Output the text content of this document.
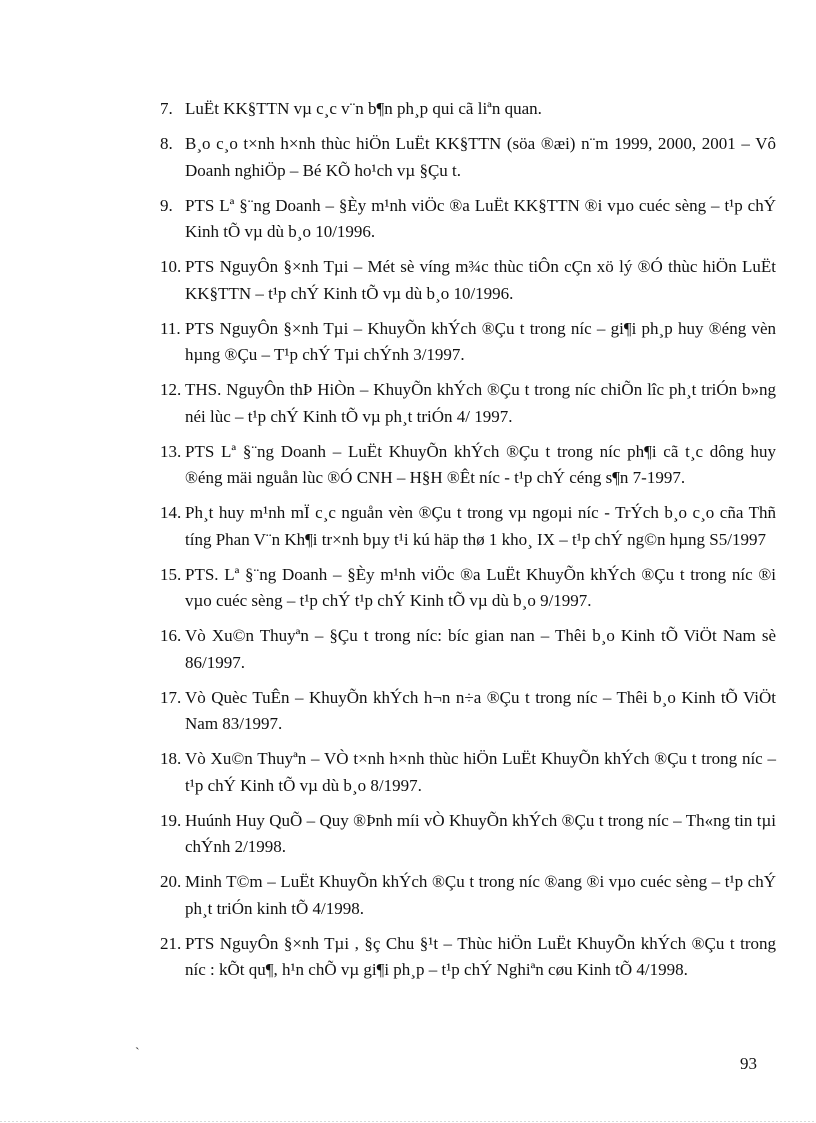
7. LuËt KK§TTN vµ c¸c v¨n b¶n ph¸p qui cã liªn quan.
8. B¸o c¸o t×nh h×nh thùc hiÖn LuËt KK§TTN (söa ®æi) n¨m 1999, 2000, 2001 – Vô Doanh nghiÖp – Bé KÕ ho¹ch vµ §Çu t.
9. PTS Lª §¨ng Doanh – §Èy m¹nh viÖc ®a LuËt KK§TTN ®i vµo cuéc sèng – t¹p chÝ Kinh tÕ vµ dù b¸o 10/1996.
10. PTS NguyÔn §×nh Tµi – Mét sè víng m¾c thùc tiÔn cÇn xö lý ®Ó thùc hiÖn LuËt KK§TTN – t¹p chÝ Kinh tÕ vµ dù b¸o 10/1996.
11. PTS NguyÔn §×nh Tµi – KhuyÕn khÝch ®Çu t trong níc – gi¶i ph¸p huy ®éng vèn hµng ®Çu – T¹p chÝ Tµi chÝnh 3/1997.
12. THS. NguyÔn thÞ HiÒn – KhuyÕn khÝch ®Çu t trong níc chiÕn lîc ph¸t triÓn b»ng néi lùc – t¹p chÝ Kinh tÕ vµ ph¸t triÓn 4/ 1997.
13. PTS Lª §¨ng Doanh – LuËt KhuyÕn khÝch ®Çu t trong níc ph¶i cã t¸c dông huy ®éng mäi nguån lùc ®Ó CNH – H§H ®Êt níc - t¹p chÝ céng s¶n 7-1997.
14. Ph¸t huy m¹nh mÏ c¸c nguån vèn ®Çu t trong vµ ngoµi níc - TrÝch b¸o c¸o cña Thñ tíng Phan V¨n Kh¶i tr×nh bµy t¹i kú häp thø 1 kho¸ IX – t¹p chÝ ng©n hµng S5/1997
15. PTS. Lª §¨ng Doanh – §Èy m¹nh viÖc ®a LuËt KhuyÕn khÝch ®Çu t trong níc ®i vµo cuéc sèng – t¹p chÝ t¹p chÝ Kinh tÕ vµ dù b¸o 9/1997.
16. Vò Xu©n Thuyªn – §Çu t trong níc: bíc gian nan – Thêi b¸o Kinh tÕ ViÖt Nam sè 86/1997.
17. Vò Quèc TuÊn – KhuyÕn khÝch h¬n n÷a ®Çu t trong níc – Thêi b¸o Kinh tÕ ViÖt Nam 83/1997.
18. Vò Xu©n Thuyªn – VÒ t×nh h×nh thùc hiÖn LuËt KhuyÕn khÝch ®Çu t trong níc – t¹p chÝ Kinh tÕ vµ dù b¸o 8/1997.
19. Huúnh Huy QuÕ – Quy ®Þnh míi vÒ KhuyÕn khÝch ®Çu t trong níc – Th«ng tin tµi chÝnh 2/1998.
20. Minh T©m – LuËt KhuyÕn khÝch ®Çu t trong níc ®ang ®i vµo cuéc sèng – t¹p chÝ ph¸t triÓn kinh tÕ 4/1998.
21. PTS NguyÔn §×nh Tµi , §ç Chu §¹t – Thùc hiÖn LuËt KhuyÕn khÝch ®Çu t trong níc : kÕt qu¶, h¹n chÕ vµ gi¶i ph¸p – t¹p chÝ Nghiªn cøu Kinh tÕ 4/1998.
`
93
